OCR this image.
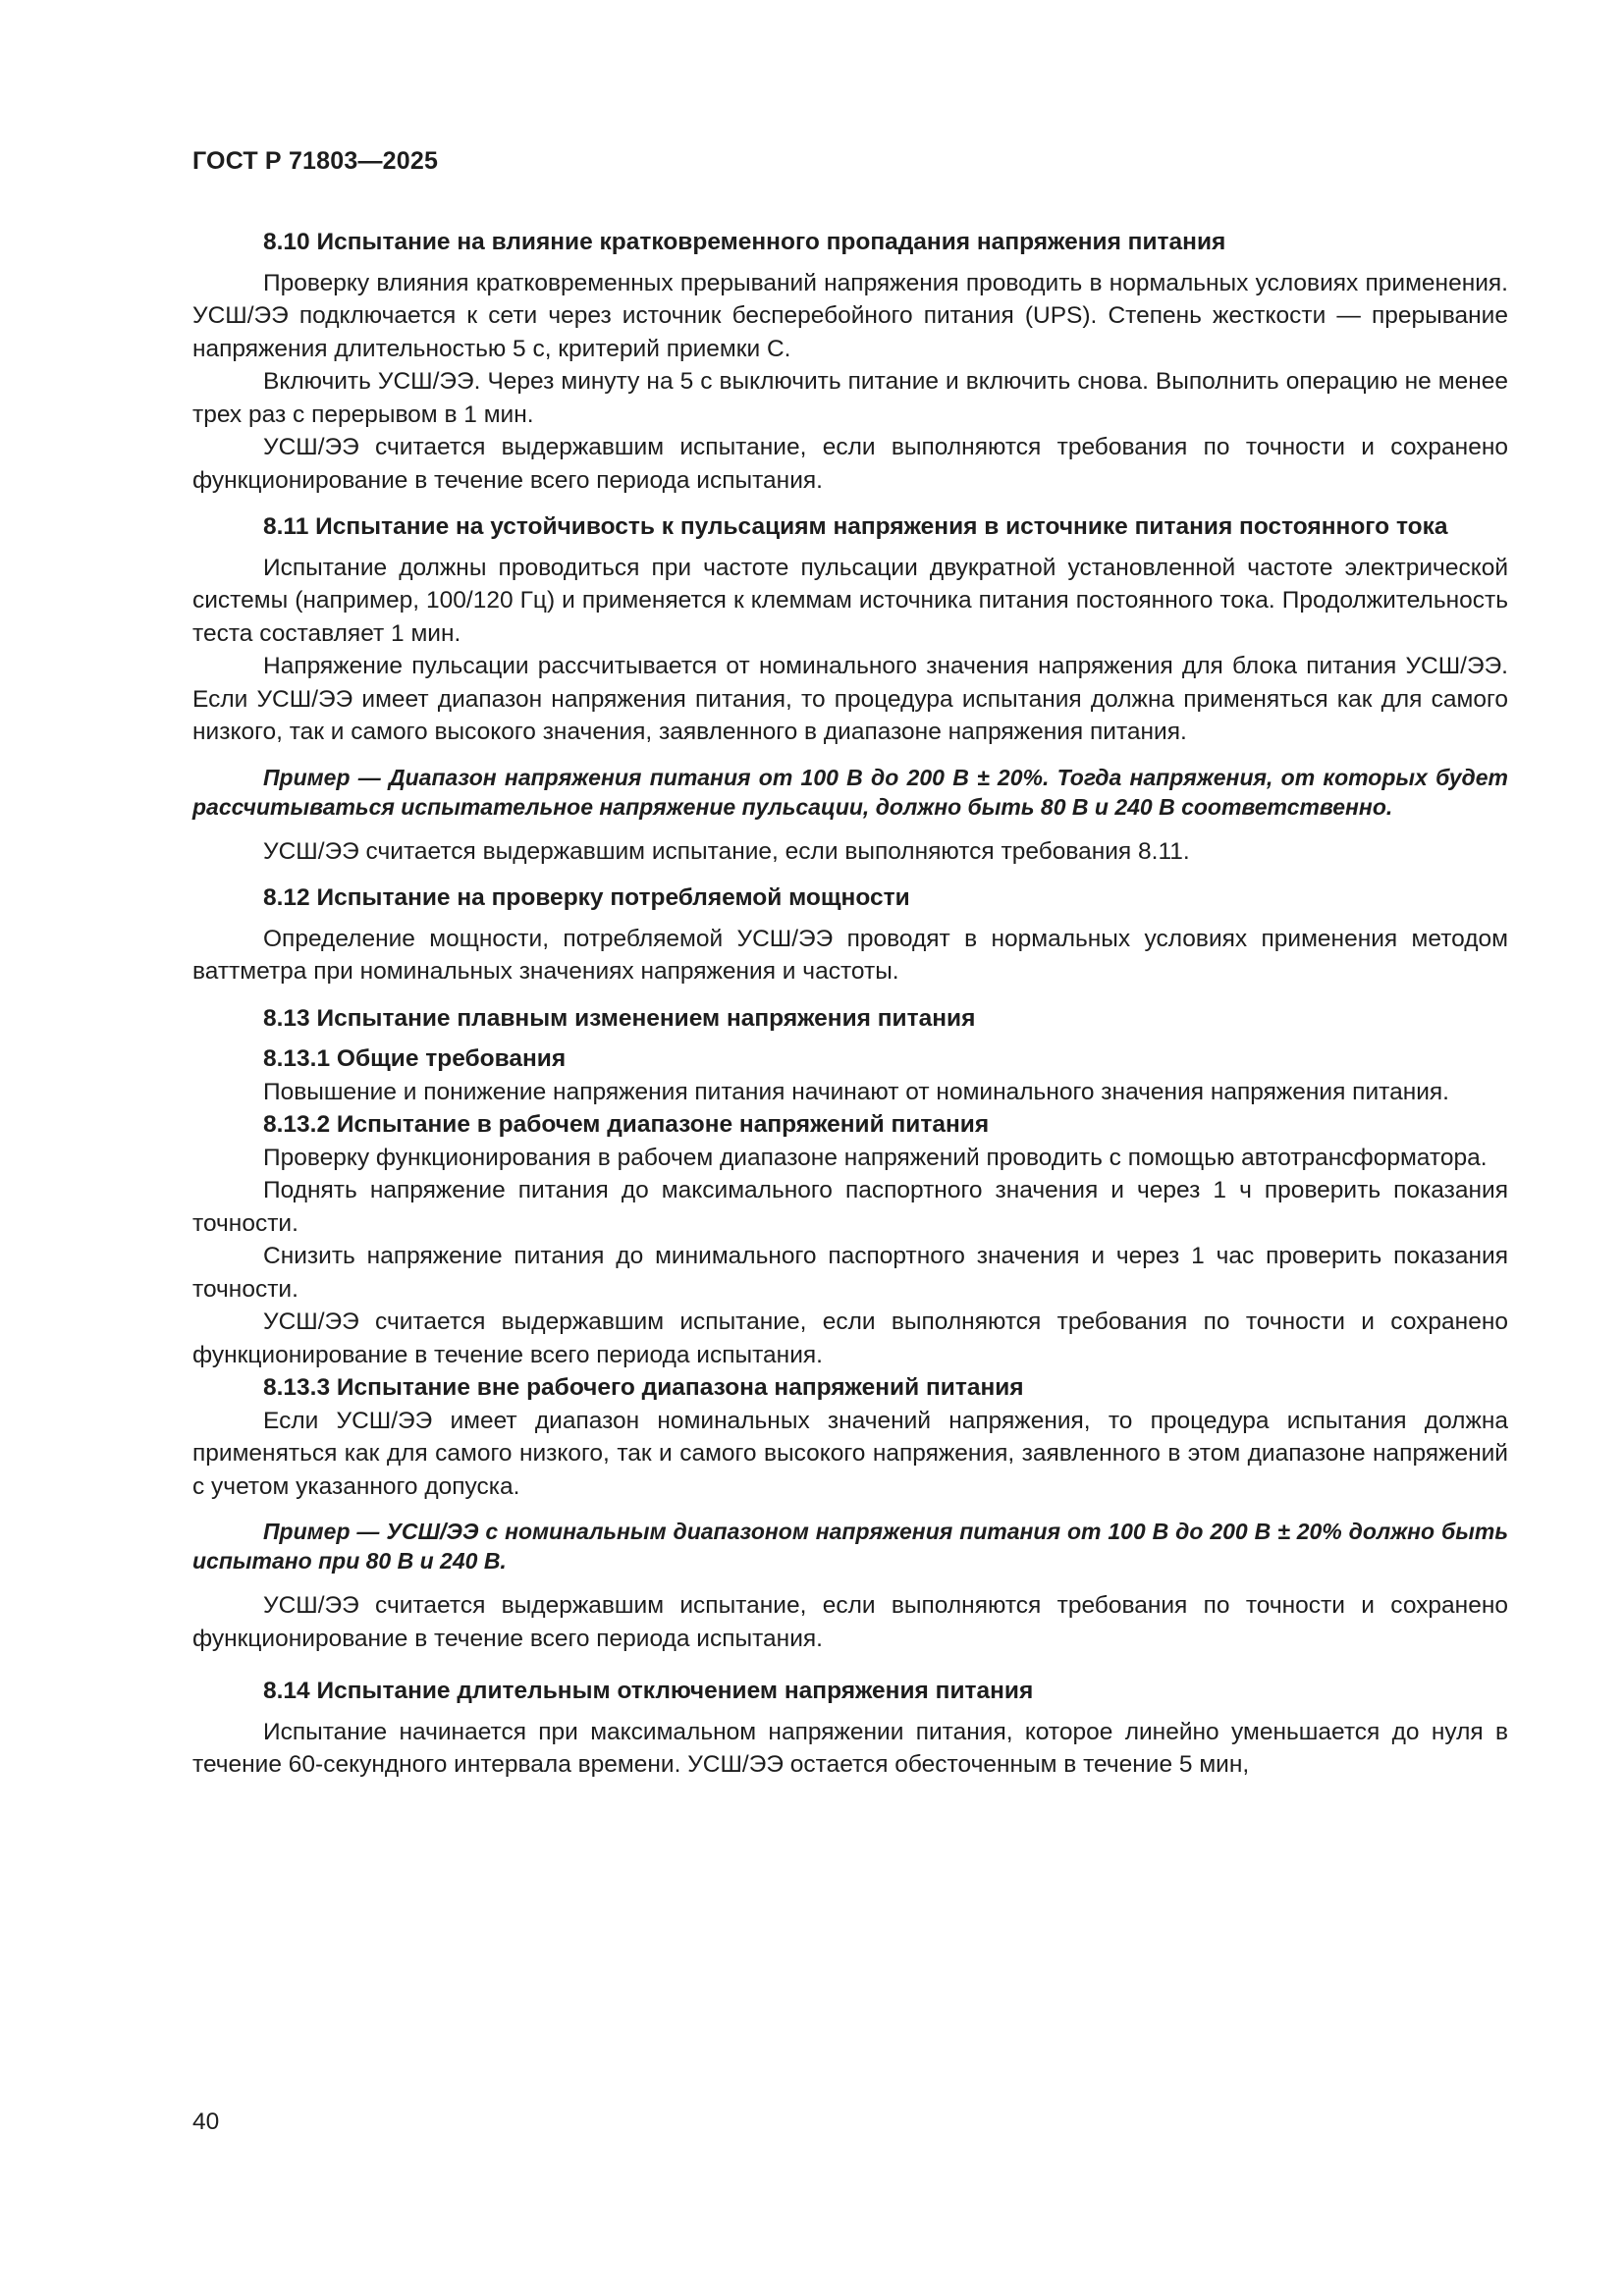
ГОСТ Р 71803—2025
8.10 Испытание на влияние кратковременного пропадания напряжения питания

Проверку влияния кратковременных прерываний напряжения проводить в нормальных условиях применения. УСШ/ЭЭ подключается к сети через источник бесперебойного питания (UPS). Степень жесткости — прерывание напряжения длительностью 5 с, критерий приемки С.

Включить УСШ/ЭЭ. Через минуту на 5 с выключить питание и включить снова. Выполнить операцию не менее трех раз с перерывом в 1 мин.

УСШ/ЭЭ считается выдержавшим испытание, если выполняются требования по точности и сохранено функционирование в течение всего периода испытания.

8.11 Испытание на устойчивость к пульсациям напряжения в источнике питания постоянного тока

Испытание должны проводиться при частоте пульсации двукратной установленной частоте электрической системы (например, 100/120 Гц) и применяется к клеммам источника питания постоянного тока. Продолжительность теста составляет 1 мин.

Напряжение пульсации рассчитывается от номинального значения напряжения для блока питания УСШ/ЭЭ. Если УСШ/ЭЭ имеет диапазон напряжения питания, то процедура испытания должна применяться как для самого низкого, так и самого высокого значения, заявленного в диапазоне напряжения питания.

Пример — Диапазон напряжения питания от 100 В до 200 В ± 20%. Тогда напряжения, от которых будет рассчитываться испытательное напряжение пульсации, должно быть 80 В и 240 В соответственно.

УСШ/ЭЭ считается выдержавшим испытание, если выполняются требования 8.11.

8.12 Испытание на проверку потребляемой мощности

Определение мощности, потребляемой УСШ/ЭЭ проводят в нормальных условиях применения методом ваттметра при номинальных значениях напряжения и частоты.

8.13 Испытание плавным изменением напряжения питания
8.13.1 Общие требования

Повышение и понижение напряжения питания начинают от номинального значения напряжения питания.

8.13.2 Испытание в рабочем диапазоне напряжений питания

Проверку функционирования в рабочем диапазоне напряжений проводить с помощью автотрансформатора.

Поднять напряжение питания до максимального паспортного значения и через 1 ч проверить показания точности.

Снизить напряжение питания до минимального паспортного значения и через 1 час проверить показания точности.

УСШ/ЭЭ считается выдержавшим испытание, если выполняются требования по точности и сохранено функционирование в течение всего периода испытания.

8.13.3 Испытание вне рабочего диапазона напряжений питания

Если УСШ/ЭЭ имеет диапазон номинальных значений напряжения, то процедура испытания должна применяться как для самого низкого, так и самого высокого напряжения, заявленного в этом диапазоне напряжений с учетом указанного допуска.

Пример — УСШ/ЭЭ с номинальным диапазоном напряжения питания от 100 В до 200 В ± 20% должно быть испытано при 80 В и 240 В.

УСШ/ЭЭ считается выдержавшим испытание, если выполняются требования по точности и сохранено функционирование в течение всего периода испытания.

8.14 Испытание длительным отключением напряжения питания

Испытание начинается при максимальном напряжении питания, которое линейно уменьшается до нуля в течение 60-секундного интервала времени. УСШ/ЭЭ остается обесточенным в течение 5 мин,

40
